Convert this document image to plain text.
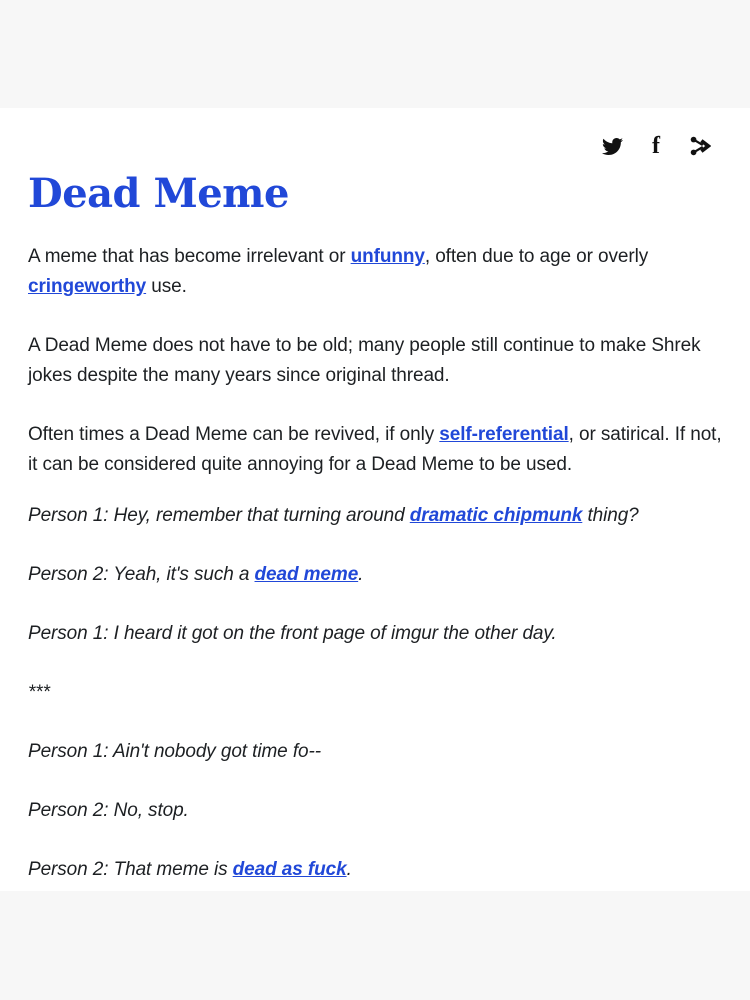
f
Dead Meme

A meme that has become irrelevant or unfunny, often due to age or overly cringeworthy use.

A Dead Meme does not have to be old; many people still continue to make Shrek jokes despite the many years since original thread.

Often times a Dead Meme can be revived, if only self-referential, or satirical. If not, it can be considered quite annoying for a Dead Meme to be used.

Person 1: Hey, remember that turning around dramatic chipmunk thing?

Person 2: Yeah, it's such a dead meme.

Person 1: I heard it got on the front page of imgur the other day.

***

Person 1: Ain't nobody got time fo--

Person 2: No, stop.

Person 2: That meme is dead as fuck.
